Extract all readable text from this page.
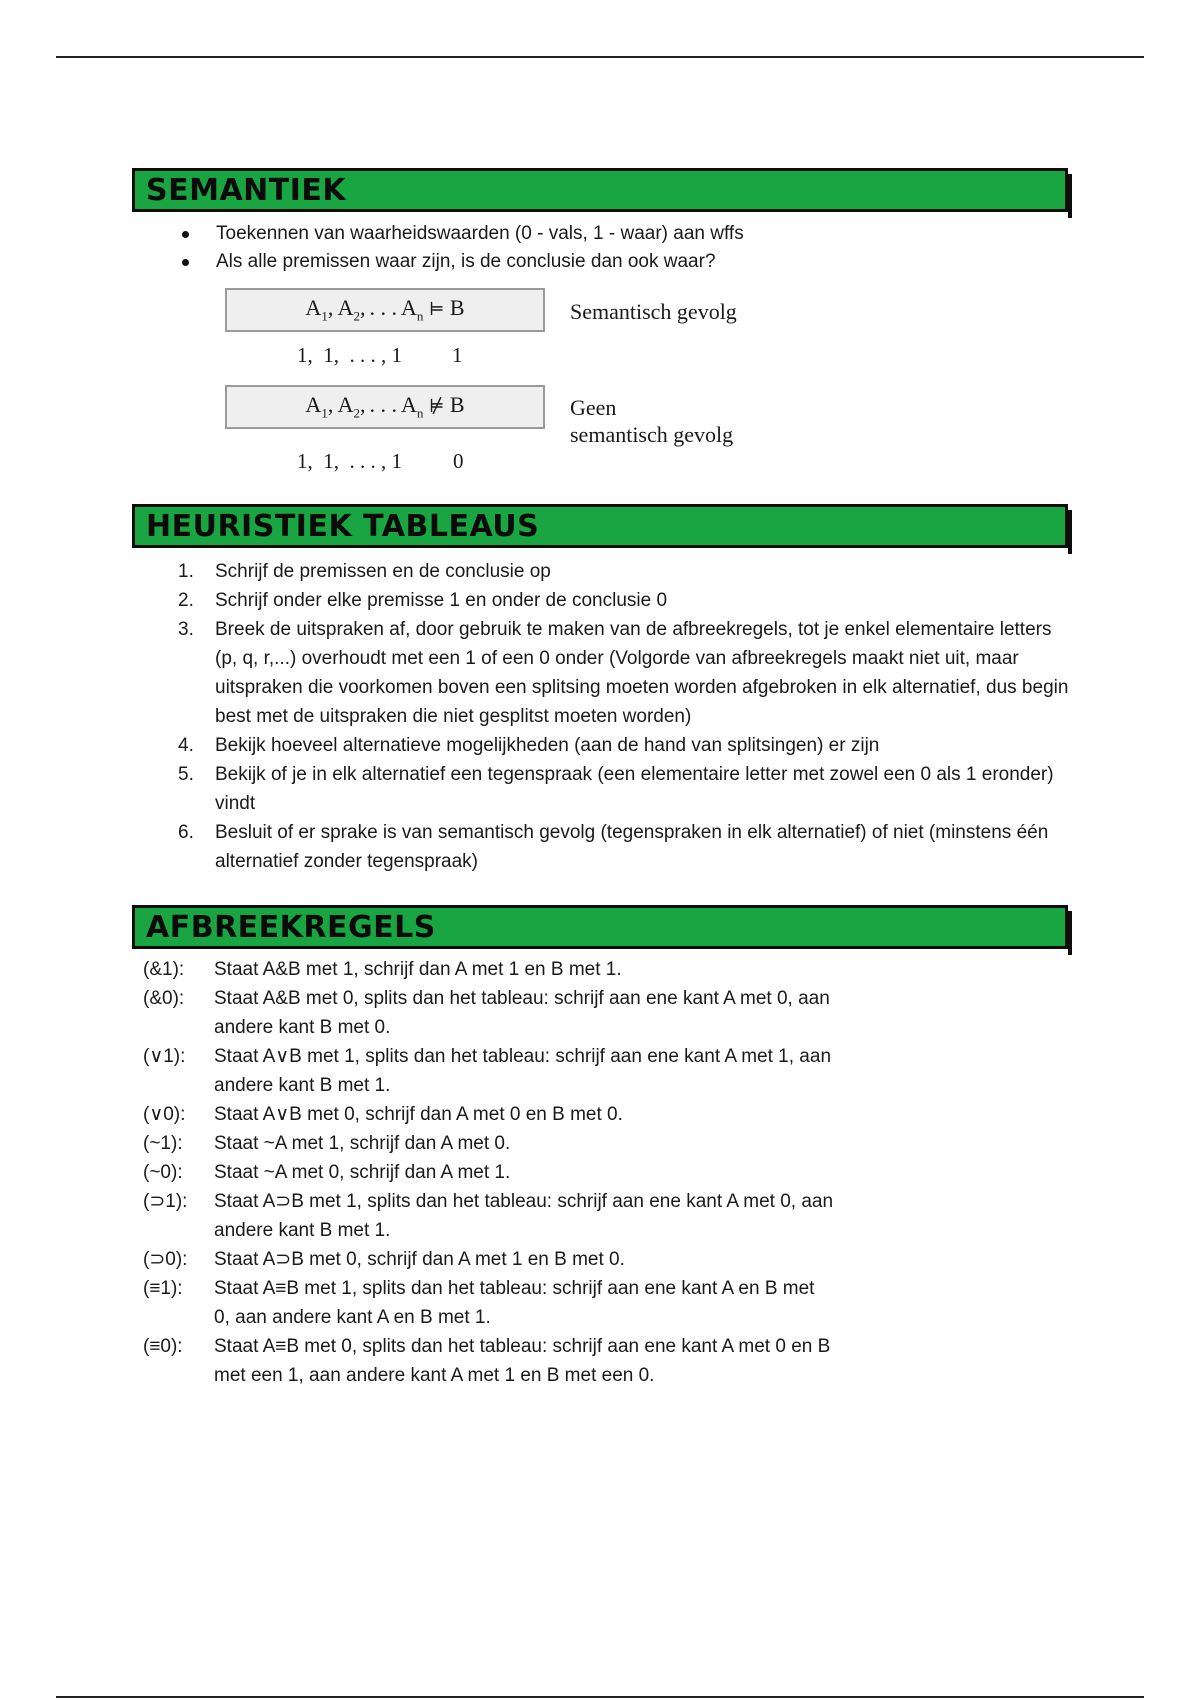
SEMANTIEK
Toekennen van waarheidswaarden (0 - vals, 1 - waar) aan wffs
Als alle premissen waar zijn, is de conclusie dan ook waar?
$A_1$, $A_2$, . . . $A_n$ ⊨ B
1,  1,  . . . , 1 1
Semantisch gevolg
$A_1$, $A_2$, . . . $A_n$ ⊭ B
1,  1,  . . . , 1 0
Geen
semantisch gevolg
HEURISTIEK TABLEAUS
1. Schrijf de premissen en de conclusie op
2. Schrijf onder elke premisse 1 en onder de conclusie 0
3. Breek de uitspraken af, door gebruik te maken van de afbreekregels, tot je enkel elementaire letters (p, q, r,...) overhoudt met een 1 of een 0 onder (Volgorde van afbreekregels maakt niet uit, maar uitspraken die voorkomen boven een splitsing moeten worden afgebroken in elk alternatief, dus begin best met de uitspraken die niet gesplitst moeten worden)
4. Bekijk hoeveel alternatieve mogelijkheden (aan de hand van splitsingen) er zijn
5. Bekijk of je in elk alternatief een tegenspraak (een elementaire letter met zowel een 0 als 1 eronder) vindt
6. Besluit of er sprake is van semantisch gevolg (tegenspraken in elk alternatief) of niet (minstens één alternatief zonder tegenspraak)
AFBREEKREGELS
(&1):	Staat A&B met 1, schrijf dan A met 1 en B met 1.
(&0):	Staat A&B met 0, splits dan het tableau: schrijf aan ene kant A met 0, aan andere kant B met 0.
(∨1):	Staat A∨B met 1, splits dan het tableau: schrijf aan ene kant A met 1, aan andere kant B met 1.
(∨0):	Staat A∨B met 0, schrijf dan A met 0 en B met 0.
(~1):	Staat ~A met 1, schrijf dan A met 0.
(~0):	Staat ~A met 0, schrijf dan A met 1.
(⊃1):	Staat A⊃B met 1, splits dan het tableau: schrijf aan ene kant A met 0, aan andere kant B met 1.
(⊃0):	Staat A⊃B met 0, schrijf dan A met 1 en B met 0.
(≡1):	Staat A≡B met 1, splits dan het tableau: schrijf aan ene kant A en B met 0, aan andere kant A en B met 1.
(≡0):	Staat A≡B met 0, splits dan het tableau: schrijf aan ene kant A met 0 en B met een 1, aan andere kant A met 1 en B met een 0.
